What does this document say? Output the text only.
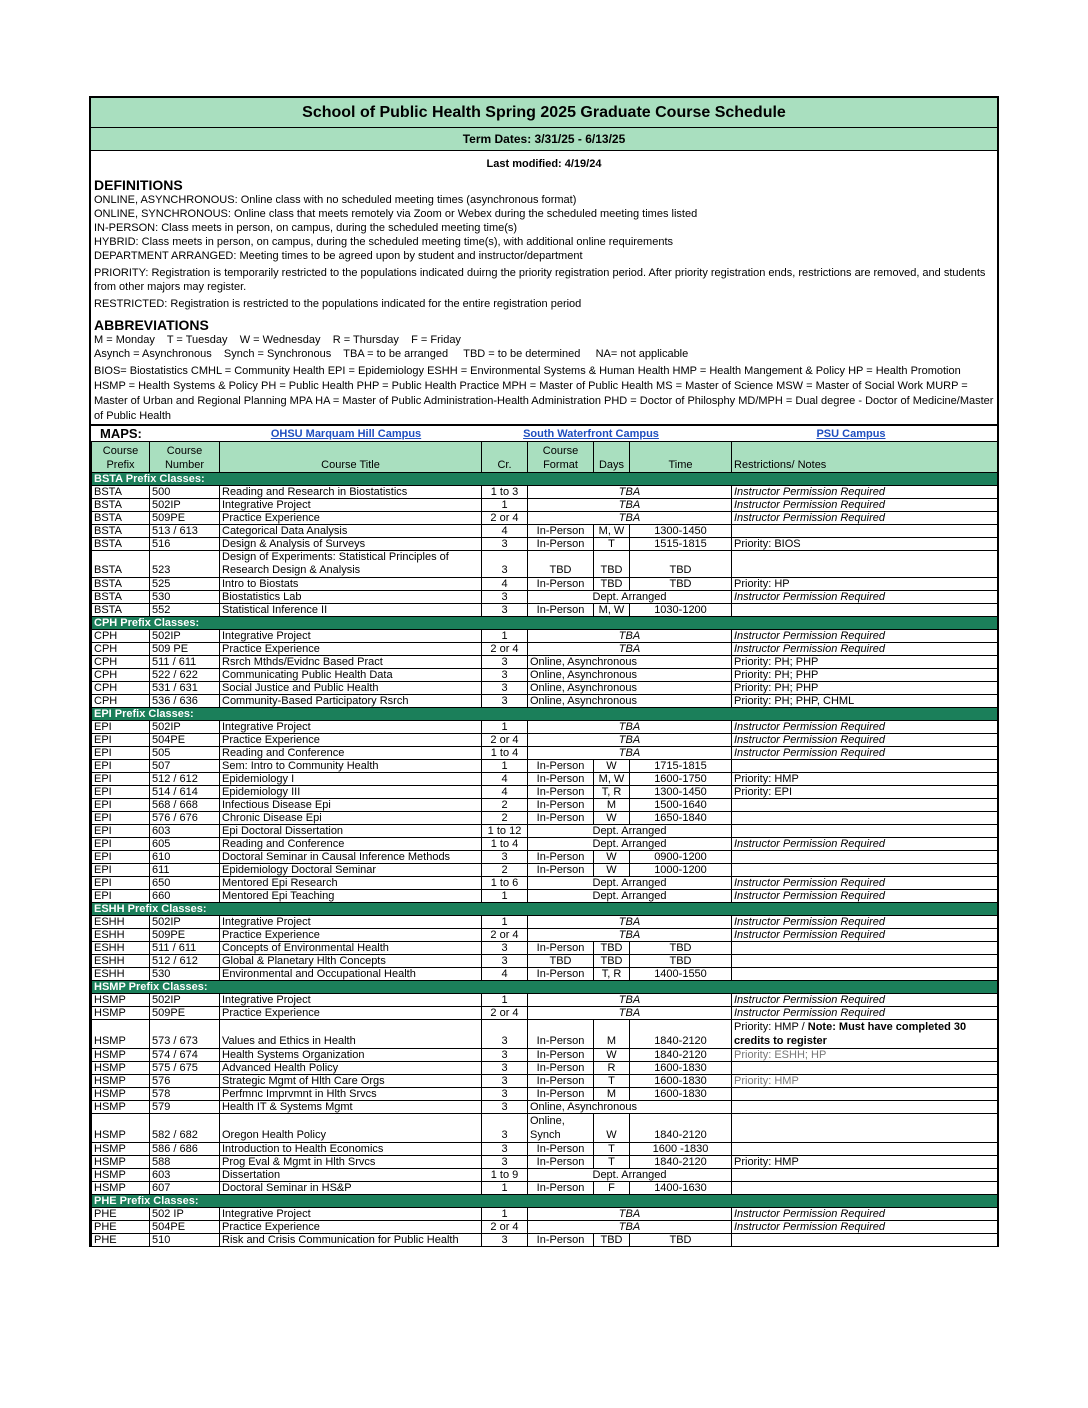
School of Public Health Spring 2025 Graduate Course Schedule
Term Dates: 3/31/25 - 6/13/25
Last modified: 4/19/24
DEFINITIONS

ONLINE, ASYNCHRONOUS: Online class with no scheduled meeting times (asynchronous format)

ONLINE, SYNCHRONOUS: Online class that meets remotely via Zoom or Webex during the scheduled meeting times listed

IN-PERSON: Class meets in person, on campus, during the scheduled meeting time(s)

HYBRID: Class meets in person, on campus, during the scheduled meeting time(s), with additional online requirements

DEPARTMENT ARRANGED: Meeting times to be agreed upon by student and instructor/department

PRIORITY: Registration is temporarily restricted to the populations indicated duirng the priority registration period. After priority registration ends, restrictions are removed, and students from other majors may register.

RESTRICTED: Registration is restricted to the populations indicated for the entire registration period

ABBREVIATIONS

M = Monday    T = Tuesday    W = Wednesday    R = Thursday    F = Friday

Asynch = Asynchronous    Synch = Synchronous    TBA = to be arranged     TBD = to be determined     NA= not applicable

BIOS= Biostatistics CMHL = Community Health EPI = Epidemiology ESHH = Environmental Systems & Human Health HMP = Health Mangement & Policy HP = Health Promotion HSMP = Health Systems & Policy PH = Public Health PHP = Public Health Practice MPH = Master of Public Health MS = Master of Science MSW = Master of Social Work MURP = Master of Urban and Regional Planning MPA HA = Master of Public Administration-Health Administration PHD = Doctor of Philosphy MD/MPH = Dual degree - Doctor of Medicine/Master of Public Health

MAPS:	OHSU Marquam Hill Campus	South Waterfront Campus	PSU Campus
Course Prefix	Course Number	Course Title	Cr.	Course Format	Days	Time	Restrictions/ Notes
BSTA Prefix Classes:							
BSTA	500	Reading and Research in Biostatistics	1 to 3	TBA			Instructor Permission Required
BSTA	502IP	Integrative Project	1	TBA			Instructor Permission Required
BSTA	509PE	Practice Experience	2 or 4	TBA			Instructor Permission Required
BSTA	513 / 613	Categorical Data Analysis	4	In-Person	M, W	1300-1450	
BSTA	516	Design & Analysis of Surveys	3	In-Person	T	1515-1815	Priority: BIOS
BSTA	523	Design of Experiments: Statistical Principles of Research Design & Analysis	3	TBD	TBD	TBD	
BSTA	525	Intro to Biostats	4	In-Person	TBD	TBD	Priority: HP
BSTA	530	Biostatistics Lab	3	Dept. Arranged			Instructor Permission Required
BSTA	552	Statistical Inference II	3	In-Person	M, W	1030-1200	
CPH Prefix Classes:							
CPH	502IP	Integrative Project	1	TBA			Instructor Permission Required
CPH	509 PE	Practice Experience	2 or 4	TBA			Instructor Permission Required
CPH	511 / 611	Rsrch Mthds/Evidnc Based Pract	3	Online, Asynchronous			Priority: PH; PHP
CPH	522 / 622	Communicating Public Health Data	3	Online, Asynchronous			Priority: PH; PHP
CPH	531 / 631	Social Justice and Public Health	3	Online, Asynchronous			Priority: PH; PHP
CPH	536 / 636	Community-Based Participatory Rsrch	3	Online, Asynchronous			Priority: PH; PHP, CHML
EPI Prefix Classes:							
EPI	502IP	Integrative Project	1	TBA			Instructor Permission Required
EPI	504PE	Practice Experience	2 or 4	TBA			Instructor Permission Required
EPI	505	Reading and Conference	1 to 4	TBA			Instructor Permission Required
EPI	507	Sem: Intro to Community Health	1	In-Person	W	1715-1815	
EPI	512 / 612	Epidemiology I	4	In-Person	M, W	1600-1750	Priority: HMP
EPI	514 / 614	Epidemiology III	4	In-Person	T, R	1300-1450	Priority: EPI
EPI	568 / 668	Infectious Disease Epi	2	In-Person	M	1500-1640	
EPI	576 / 676	Chronic Disease Epi	2	In-Person	W	1650-1840	
EPI	603	Epi Doctoral Dissertation	1 to 12	Dept. Arranged			
EPI	605	Reading and Conference	1 to 4	Dept. Arranged			Instructor Permission Required
EPI	610	Doctoral Seminar in Causal Inference Methods	3	In-Person	W	0900-1200	
EPI	611	Epidemiology Doctoral Seminar	2	In-Person	W	1000-1200	
EPI	650	Mentored Epi Research	1 to 6	Dept. Arranged			Instructor Permission Required
EPI	660	Mentored Epi Teaching	1	Dept. Arranged			Instructor Permission Required
ESHH Prefix Classes:							
ESHH	502IP	Integrative Project	1	TBA			Instructor Permission Required
ESHH	509PE	Practice Experience	2 or 4	TBA			Instructor Permission Required
ESHH	511 / 611	Concepts of Environmental Health	3	In-Person	TBD	TBD	
ESHH	512 / 612	Global & Planetary Hlth Concepts	3	TBD	TBD	TBD	
ESHH	530	Environmental and Occupational Health	4	In-Person	T, R	1400-1550	
HSMP Prefix Classes:							
HSMP	502IP	Integrative Project	1	TBA			Instructor Permission Required
HSMP	509PE	Practice Experience	2 or 4	TBA			Instructor Permission Required
HSMP	573 / 673	Values and Ethics in Health	3	In-Person	M	1840-2120	Priority: HMP / Note: Must have completed 30 credits to register
HSMP	574 / 674	Health Systems Organization	3	In-Person	W	1840-2120	Priority: ESHH; HP
HSMP	575 / 675	Advanced Health Policy	3	In-Person	R	1600-1830	
HSMP	576	Strategic Mgmt of Hlth Care Orgs	3	In-Person	T	1600-1830	Priority: HMP
HSMP	578	Perfmnc Imprvmnt in Hlth Srvcs	3	In-Person	M	1600-1830	
HSMP	579	Health IT & Systems Mgmt	3	Online, Asynchronous			
HSMP	582 / 682	Oregon Health Policy	3	Online, Synch	W	1840-2120	
HSMP	586 / 686	Introduction to Health Economics	3	In-Person	T	1600 -1830	
HSMP	588	Prog Eval & Mgmt in Hlth Srvcs	3	In-Person	T	1840-2120	Priority: HMP
HSMP	603	Dissertation	1 to 9	Dept. Arranged			
HSMP	607	Doctoral Seminar in HS&P	1	In-Person	F	1400-1630	
PHE Prefix Classes:							
PHE	502 IP	Integrative Project	1	TBA			Instructor Permission Required
PHE	504PE	Practice Experience	2 or 4	TBA			Instructor Permission Required
PHE	510	Risk and Crisis Communication for Public Health	3	In-Person	TBD	TBD	
